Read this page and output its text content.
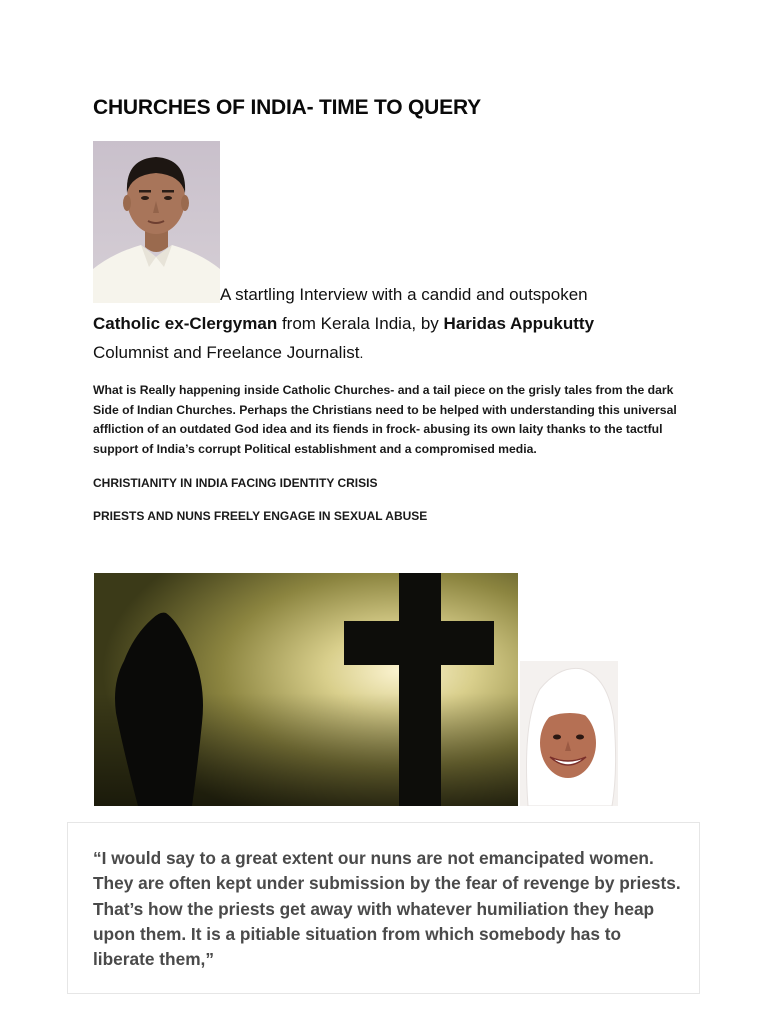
CHURCHES OF INDIA- TIME TO QUERY
A startling Interview with a candid and outspoken
Catholic ex-Clergyman from Kerala India, by Haridas Appukutty
Columnist and Freelance Journalist.
What is Really happening inside Catholic Churches- and a tail piece on the grisly tales from the dark Side of Indian Churches. Perhaps the Christians need to be helped with understanding this universal affliction of an outdated God idea and its fiends in frock- abusing its own laity thanks to the tactful support of India’s corrupt Political establishment and a compromised media.
CHRISTIANITY IN INDIA FACING IDENTITY CRISIS
PRIESTS AND NUNS FREELY ENGAGE IN SEXUAL ABUSE
“I would say to a great extent our nuns are not emancipated women. They are often kept under submission by the fear of revenge by priests. That’s how the priests get away with whatever humiliation they heap upon them. It is a pitiable situation from which somebody has to liberate them,”
